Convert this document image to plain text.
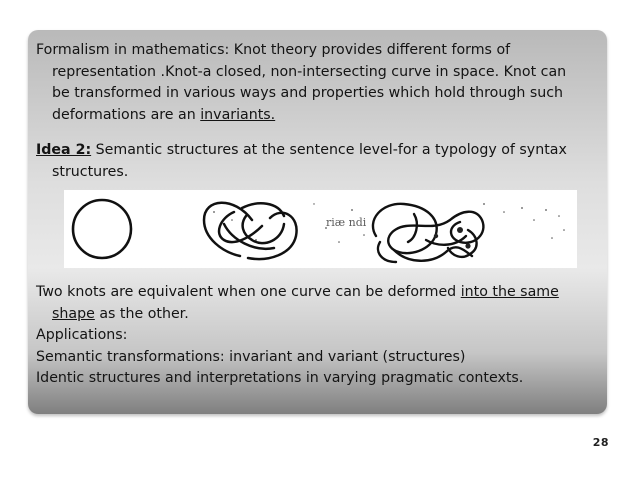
Formalism in mathematics: Knot theory provides different forms of
representation .Knot-a closed, non-intersecting curve in space. Knot can
be transformed in various ways and properties which hold through such
deformations are an invariants.
Idea 2: Semantic structures at the sentence level-for a typology of syntax
structures.
riæ ndi
Two knots are equivalent when one curve can be deformed into the same
shape as the other.
Applications:
Semantic transformations: invariant and variant (structures)
Identic structures and interpretations in varying pragmatic contexts.
28
